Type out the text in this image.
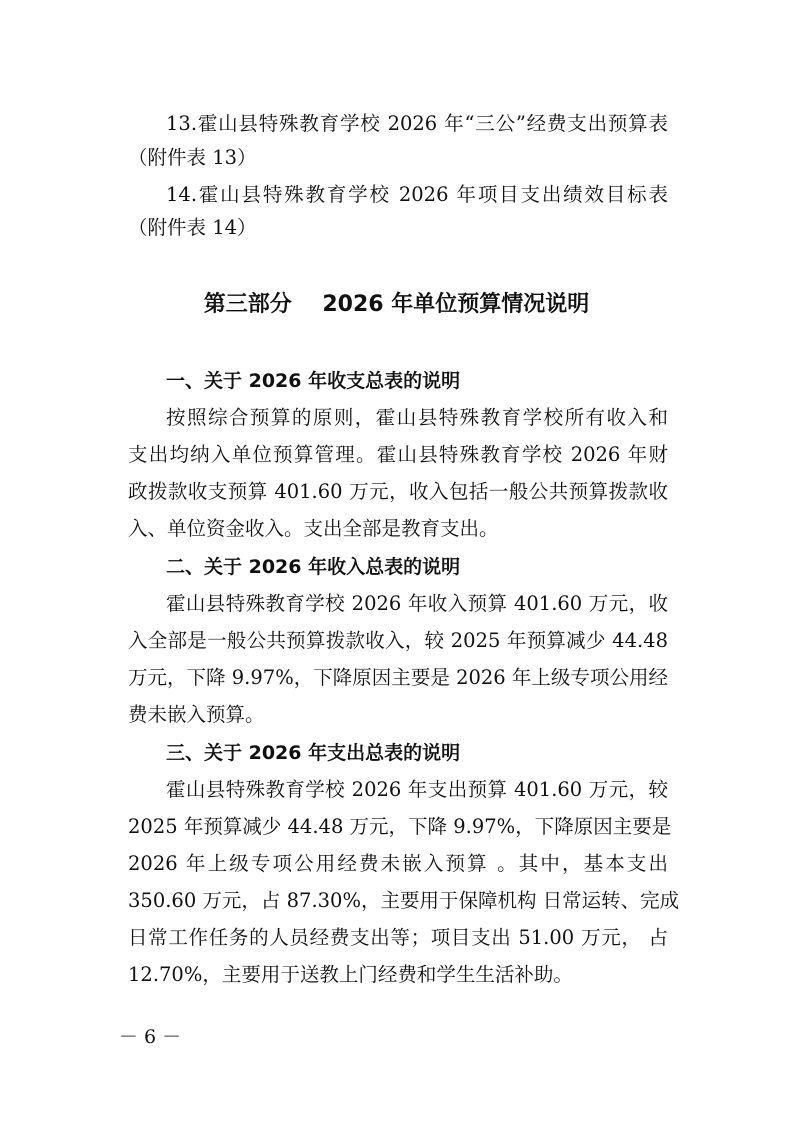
13.霍山县特殊教育学校 2026 年“三公”经费支出预算表
（附件表 13）
14.霍山县特殊教育学校 2026 年项目支出绩效目标表
（附件表 14）
第三部分    2026 年单位预算情况说明
一、关于 2026 年收支总表的说明
按照综合预算的原则，霍山县特殊教育学校所有收入和
支出均纳入单位预算管理。霍山县特殊教育学校 2026 年财
政拨款收支预算 401.60 万元，收入包括一般公共预算拨款收
入、单位资金收入。支出全部是教育支出。
二、关于 2026 年收入总表的说明
霍山县特殊教育学校 2026 年收入预算 401.60 万元，收
入全部是一般公共预算拨款收入，较 2025 年预算减少 44.48
万元，下降 9.97%，下降原因主要是 2026 年上级专项公用经
费未嵌入预算。
三、关于 2026 年支出总表的说明
霍山县特殊教育学校 2026 年支出预算 401.60 万元，较
2025 年预算减少 44.48 万元，下降 9.97%，下降原因主要是
2026 年上级专项公用经费未嵌入预算 。其中，基本支出
350.60 万元，占 87.30%，主要用于保障机构 日常运转、完成
日常工作任务的人员经费支出等；项目支出 51.00 万元， 占
12.70%，主要用于送教上门经费和学生生活补助。
－ 6 －
